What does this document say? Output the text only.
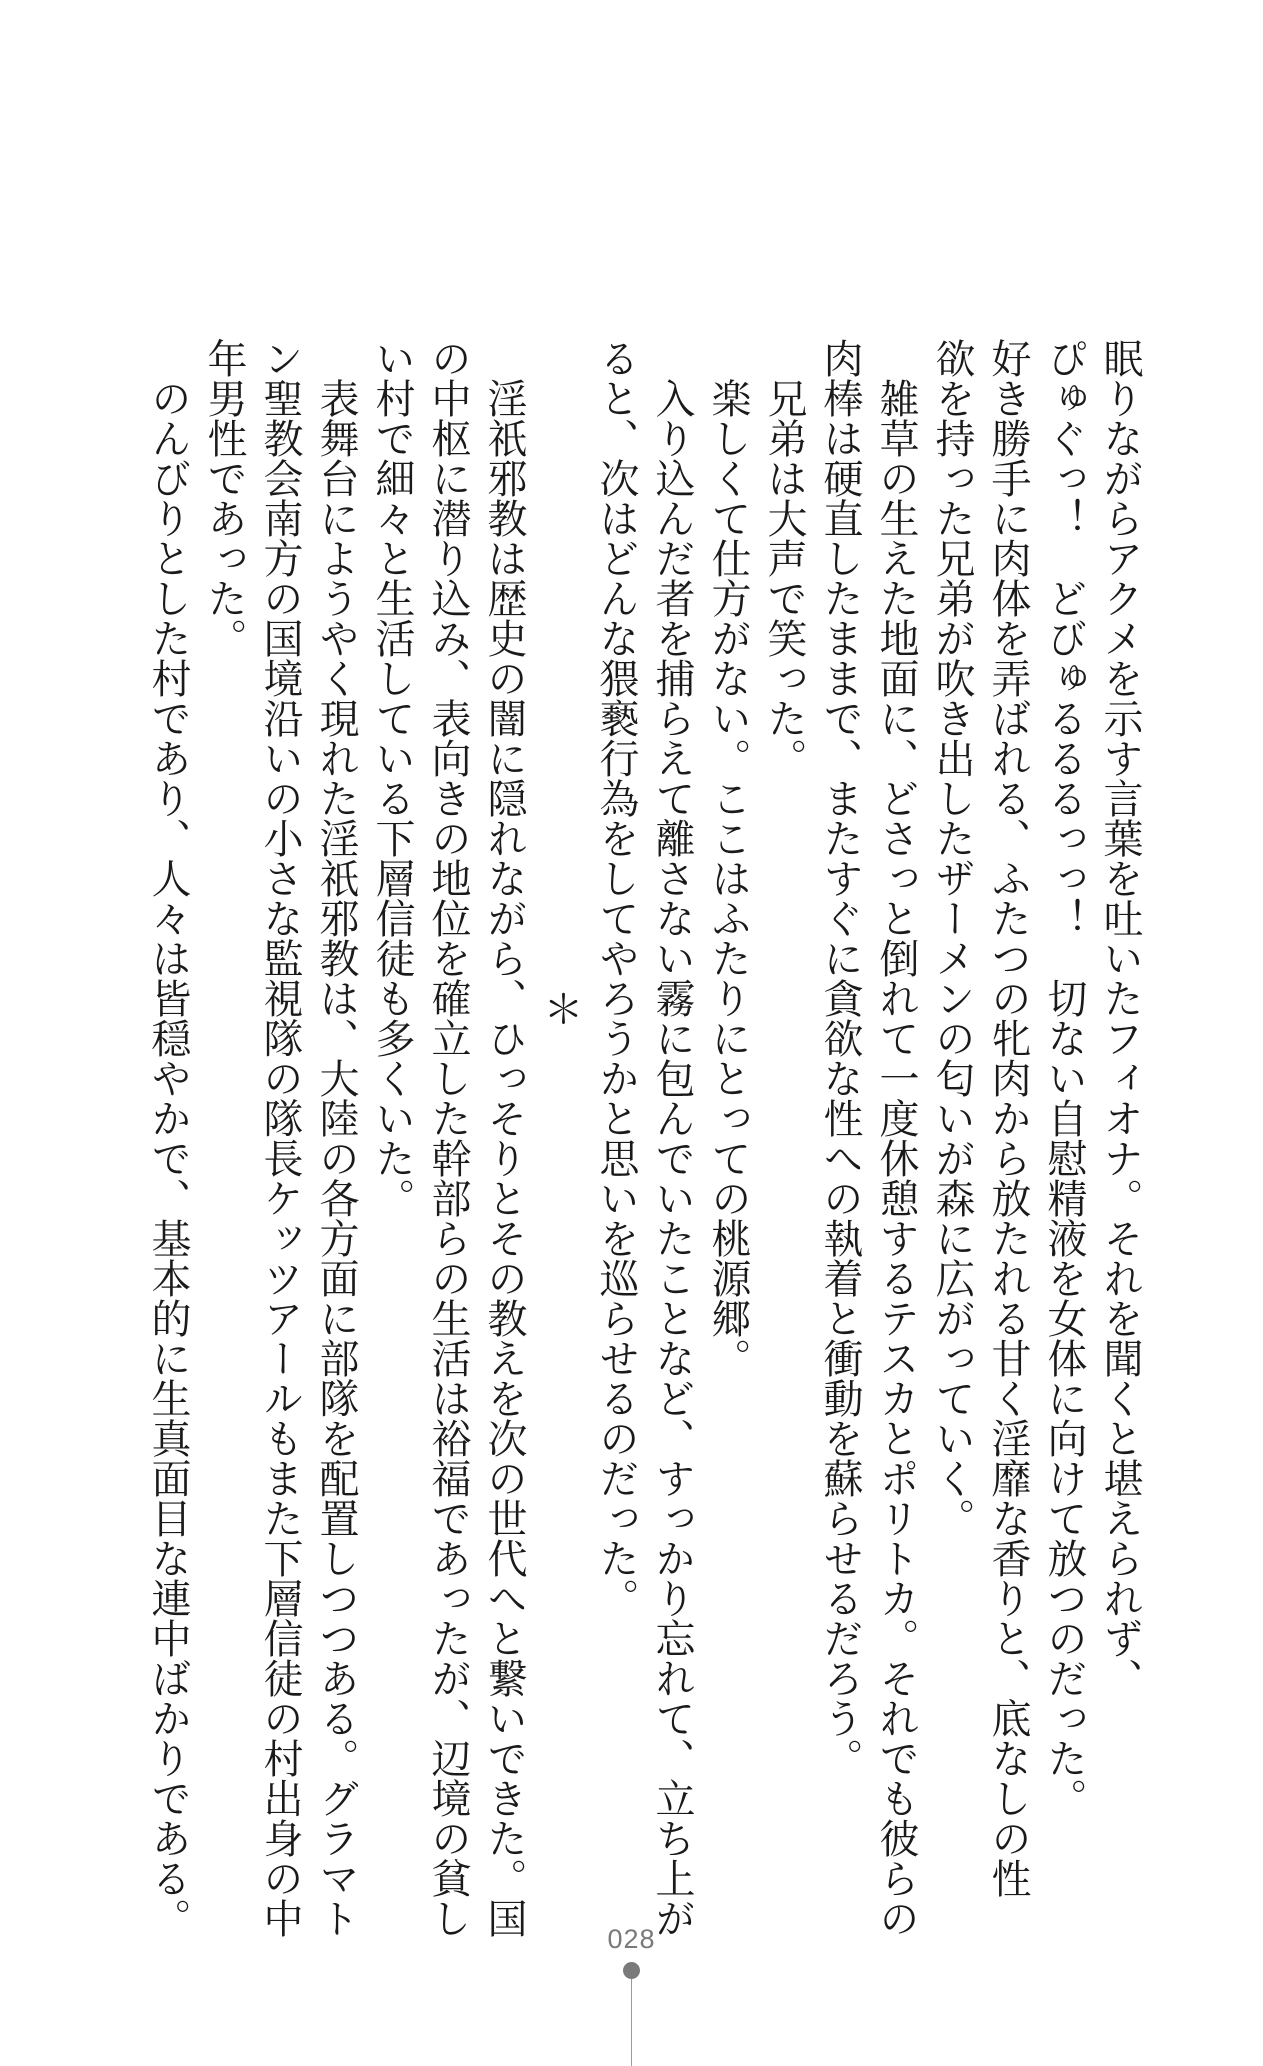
眠りながらアクメを示す言葉を吐いたフィオナ。それを聞くと堪えられず、
ぴゅぐっ！　どびゅるるるっっ！　切ない自慰精液を女体に向けて放つのだった。
好き勝手に肉体を弄ばれる、ふたつの牝肉から放たれる甘く淫靡な香りと、底なしの性
欲を持った兄弟が吹き出したザーメンの匂いが森に広がっていく。
　雑草の生えた地面に、どさっと倒れて一度休憩するテスカとポリトカ。それでも彼らの
肉棒は硬直したままで、またすぐに貪欲な性への執着と衝動を蘇らせるだろう。
　兄弟は大声で笑った。
　楽しくて仕方がない。ここはふたりにとっての桃源郷。
　入り込んだ者を捕らえて離さない霧に包んでいたことなど、すっかり忘れて、立ち上が
ると、次はどんな猥褻行為をしてやろうかと思いを巡らせるのだった。
＊
　淫祇邪教は歴史の闇に隠れながら、ひっそりとその教えを次の世代へと繋いできた。国
の中枢に潜り込み、表向きの地位を確立した幹部らの生活は裕福であったが、辺境の貧し
い村で細々と生活している下層信徒も多くいた。
　表舞台にようやく現れた淫祇邪教は、大陸の各方面に部隊を配置しつつある。グラマト
ン聖教会南方の国境沿いの小さな監視隊の隊長ケッツアールもまた下層信徒の村出身の中
年男性であった。
　のんびりとした村であり、人々は皆穏やかで、基本的に生真面目な連中ばかりである。
028
